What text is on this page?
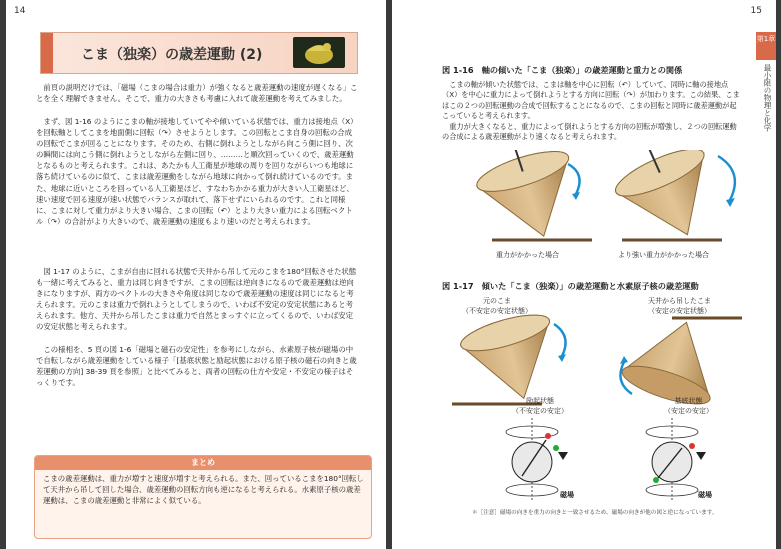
14
こま（独楽）の歳差運動 (2)

　前頁の説明だけでは、「磁場（こまの場合は重力）が強くなると歳差運動の速度が遅くなる」ことを全く理解できません。そこで、重力の大きさも考慮に入れて歳差運動を考えてみました。

　まず、図 1-16 のようにこまの軸が接地していてやや傾いている状態では、重力は接地点（X）を回転軸としてこまを地面側に回転（↷）させようとします。この回転とこま自身の回転の合成の回転でこまが回ることになります。そのため、右側に倒れようとしながら向こう側に回り、次の瞬間には向こう側に倒れようとしながら左側に回り、………と順次回っていくので、歳差運動となるものと考えられます。これは、あたかも人工衛星が地球の周りを回りながらいつも地球に落ち続けているのに似て、こまは歳差運動をしながら地球に向かって倒れ続けているのです。また、地球に近いところを回っている人工衛星ほど、すなわちかかる重力が大きい人工衛星ほど、速い速度で回る速度が速い状態でバランスが取れて、落下せずにいられるのです。これと同様に、こまに対して重力がより大きい場合、こまの回転（↶）とより大きい重力による回転ベクトル（↷）の合計がより大きいので、歳差運動の速度もより速いのだと考えられます。

　図 1-17 のように、こまが自由に回れる状態で天井から吊して元のこまを180°回転させた状態も一緒に考えてみると、重力は同じ向きですが、こまの回転は逆向きになるので歳差運動は逆向きになりますが、両方のベクトルの大きさや角度は同じなので歳差運動の速度は同じになると考えられます。元のこまは重力で倒れようとしてしまうので、いわば不安定の安定状態にあると考えられます。他方、天井から吊したこまは重力で自然とまっすぐに立ってくるので、いわば安定の安定状態と考えられます。

　この様相を、5 頁の図 1-6「磁場と磁石の安定性」を参考にしながら、水素原子核が磁場の中で自転しながら歳差運動をしている様子「[基底状態と励起状態における原子核の磁石の向きと歳差運動の方向] 38-39 頁を参照」と比べてみると、両者の回転の仕方や安定・不安定の様子はそっくりです。

まとめ

こまの歳差運動は、重力が増すと速度が増すと考えられる。また、回っているこまを180°回転して天井から吊して回した場合、歳差運動の回転方向も逆になると考えられる。水素原子核の歳差運動は、こまの歳差運動と非常によく似ている。

15
第1章
最小限の物理と化学
図 1-16　軸の傾いた「こま（独楽）」の歳差運動と重力との関係

　こまの軸が傾いた状態では、こまは軸を中心に回転（↶）していて、同時に軸の接地点（X）を中心に重力によって倒れようとする方向に回転（↷）が加わります。この結果、こまはこの２つの回転運動の合成で回転することになるので、こまの回転と同時に歳差運動が起こっていると考えられます。
　重力が大きくなると、重力によって倒れようとする方向の回転が増強し、２つの回転運動の合成による歳差運動がより速くなると考えられます。

重力がかかった場合	より強い重力がかかった場合
図 1-17　傾いた「こま（独楽）」の歳差運動と水素原子核の歳差運動
元のこま
（不安定の安定状態）
天井から吊したこま
（安定の安定状態）
励起状態
（不安定の安定）
基底状態
（安定の安定）
磁場	磁場
＊［注意］磁場の向きを重力の向きと一致させるため、磁場の向きが他の図と逆になっています。
